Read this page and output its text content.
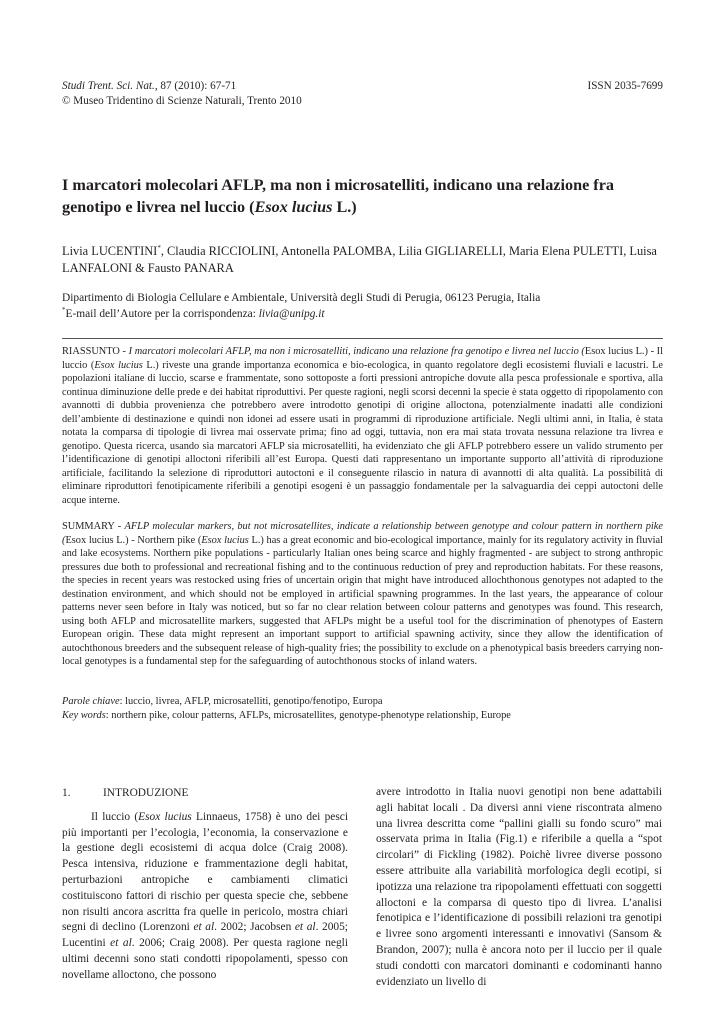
Studi Trent. Sci. Nat., 87 (2010): 67-71
© Museo Tridentino di Scienze Naturali, Trento 2010
ISSN 2035-7699
I marcatori molecolari AFLP, ma non i microsatelliti, indicano una relazione fra genotipo e livrea nel luccio (Esox lucius L.)
Livia LUCENTINI*, Claudia RICCIOLINI, Antonella PALOMBA, Lilia GIGLIARELLI, Maria Elena PULETTI, Luisa LANFALONI & Fausto PANARA
Dipartimento di Biologia Cellulare e Ambientale, Università degli Studi di Perugia, 06123 Perugia, Italia
*E-mail dell’Autore per la corrispondenza: livia@unipg.it

RIASSUNTO - I marcatori molecolari AFLP, ma non i microsatelliti, indicano una relazione fra genotipo e livrea nel luccio (Esox lucius L.) - Il luccio (Esox lucius L.) riveste una grande importanza economica e bio-ecologica, in quanto regolatore degli ecosistemi fluviali e lacustri. Le popolazioni italiane di luccio, scarse e frammentate, sono sottoposte a forti pressioni antropiche dovute alla pesca professionale e sportiva, alla continua diminuzione delle prede e dei habitat riproduttivi. Per queste ragioni, negli scorsi decenni la specie è stata oggetto di ripopolamento con avannotti di dubbia provenienza che potrebbero avere introdotto genotipi di origine alloctona, potenzialmente inadatti alle condizioni dell’ambiente di destinazione e quindi non idonei ad essere usati in programmi di riproduzione artificiale. Negli ultimi anni, in Italia, è stata notata la comparsa di tipologie di livrea mai osservate prima; fino ad oggi, tuttavia, non era mai stata trovata nessuna relazione tra livrea e genotipo. Questa ricerca, usando sia marcatori AFLP sia microsatelliti, ha evidenziato che gli AFLP potrebbero essere un valido strumento per l’identificazione di genotipi alloctoni riferibili all’est Europa. Questi dati rappresentano un importante supporto all’attività di riproduzione artificiale, facilitando la selezione di riproduttori autoctoni e il conseguente rilascio in natura di avannotti di alta qualità. La possibilità di eliminare riproduttori fenotipicamente riferibili a genotipi esogeni è un passaggio fondamentale per la salvaguardia dei ceppi autoctoni delle acque interne.

SUMMARY - AFLP molecular markers, but not microsatellites, indicate a relationship between genotype and colour pattern in northern pike (Esox lucius L.) - Northern pike (Esox lucius L.) has a great economic and bio-ecological importance, mainly for its regulatory activity in fluvial and lake ecosystems. Northern pike populations - particularly Italian ones being scarce and highly fragmented - are subject to strong anthropic pressures due both to professional and recreational fishing and to the continuous reduction of prey and reproduction habitats. For these reasons, the species in recent years was restocked using fries of uncertain origin that might have introduced allochthonous genotypes not adapted to the destination environment, and which should not be employed in artificial spawning programmes. In the last years, the appearance of colour patterns never seen before in Italy was noticed, but so far no clear relation between colour patterns and genotypes was found. This research, using both AFLP and microsatellite markers, suggested that AFLPs might be a useful tool for the discrimination of phenotypes of Eastern European origin. These data might represent an important support to artificial spawning activity, since they allow the identification of autochthonous breeders and the subsequent release of high-quality fries; the possibility to exclude on a phenotypical basis breeders carrying non-local genotypes is a fundamental step for the safeguarding of autochthonous stocks of inland waters.

Parole chiave: luccio, livrea, AFLP, microsatelliti, genotipo/fenotipo, Europa
Key words: northern pike, colour patterns, AFLPs, microsatellites, genotype-phenotype relationship, Europe
1.	INTRODUZIONE

Il luccio (Esox lucius Linnaeus, 1758) è uno dei pesci più importanti per l’ecologia, l’economia, la conservazione e la gestione degli ecosistemi di acqua dolce (Craig 2008). Pesca intensiva, riduzione e frammentazione degli habitat, perturbazioni antropiche e cambiamenti climatici costituiscono fattori di rischio per questa specie che, sebbene non risulti ancora ascritta fra quelle in pericolo, mostra chiari segni di declino (Lorenzoni et al. 2002; Jacobsen et al. 2005; Lucentini et al. 2006; Craig 2008). Per questa ragione negli ultimi decenni sono stati condotti ripopolamenti, spesso con novellame alloctono, che possono

avere introdotto in Italia nuovi genotipi non bene adattabili agli habitat locali . Da diversi anni viene riscontrata almeno una livrea descritta come “pallini gialli su fondo scuro” mai osservata prima in Italia (Fig.1) e riferibile a quella a “spot circolari” di Fickling (1982). Poichè livree diverse possono essere attribuite alla variabilità morfologica degli ecotipi, si ipotizza una relazione tra ripopolamenti effettuati con soggetti alloctoni e la comparsa di questo tipo di livrea. L’analisi fenotipica e l’identificazione di possibili relazioni tra genotipi e livree sono argomenti interessanti e innovativi (Sansom & Brandon, 2007); nulla è ancora noto per il luccio per il quale studi condotti con marcatori dominanti e codominanti hanno evidenziato un livello di
